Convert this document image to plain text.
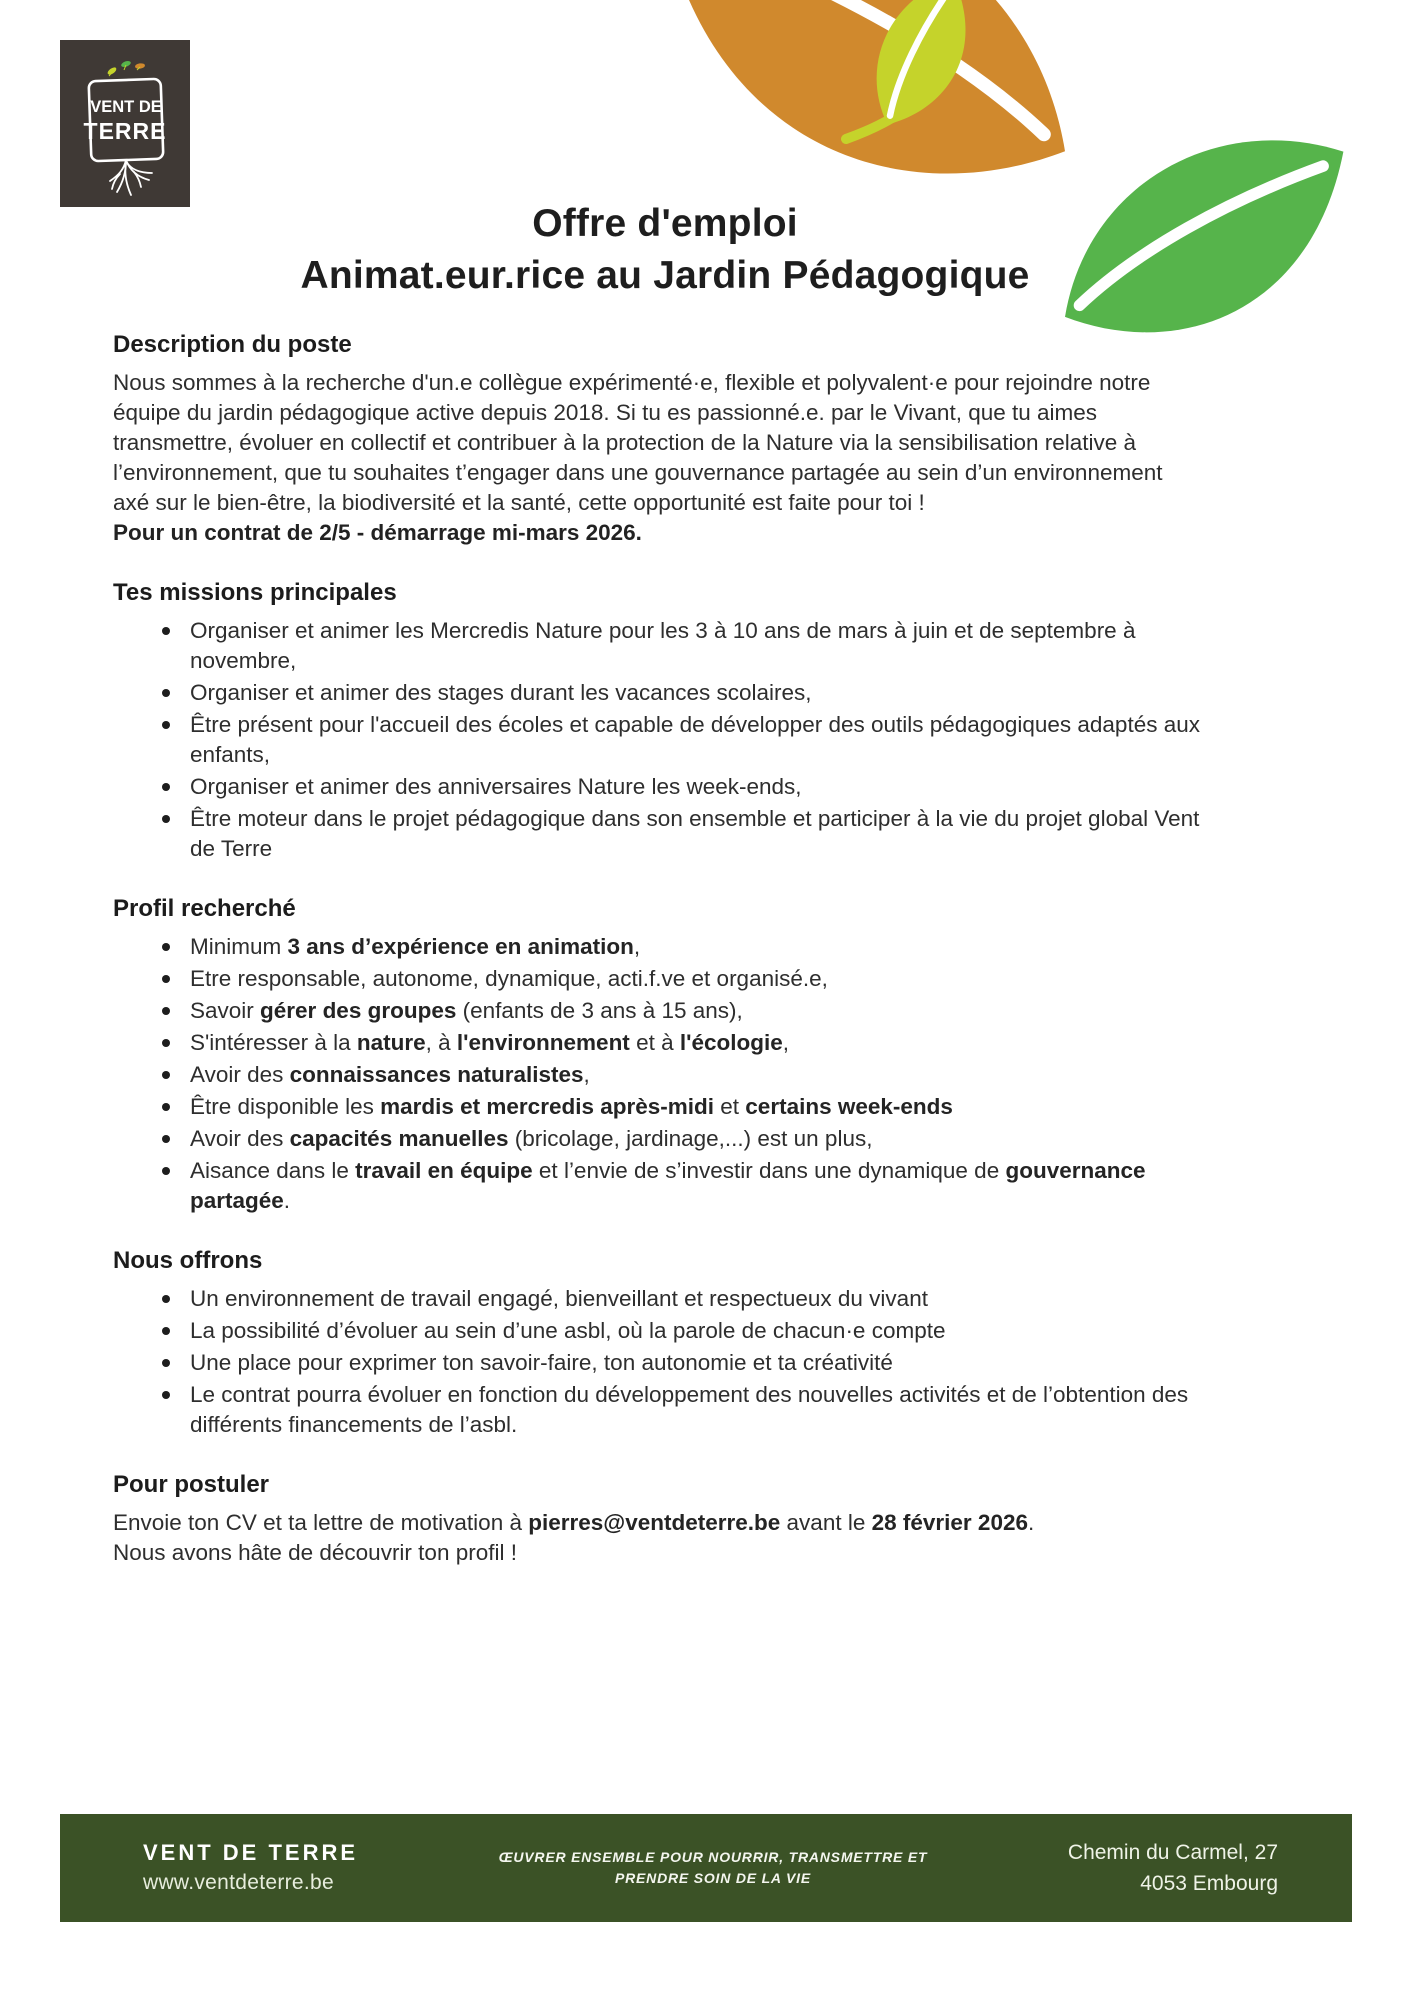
VENT DE
TERRE
Offre d'emploi
Animat.eur.rice au Jardin Pédagogique
Description du poste

Nous sommes à la recherche d'un.e collègue expérimenté·e, flexible et polyvalent·e pour rejoindre notre équipe du jardin pédagogique active depuis 2018. Si tu es passionné.e. par le Vivant, que tu aimes transmettre, évoluer en collectif et contribuer à la protection de la Nature via la sensibilisation relative à l’environnement, que tu souhaites t’engager dans une gouvernance partagée au sein d’un environnement axé sur le bien-être, la biodiversité et la santé, cette opportunité est faite pour toi !

Pour un contrat de 2/5 - démarrage mi-mars 2026.

Tes missions principales
Organiser et animer les Mercredis Nature pour les 3 à 10 ans de mars à juin et de septembre à novembre,
Organiser et animer des stages durant les vacances scolaires,
Être présent pour l'accueil des écoles et capable de développer des outils pédagogiques adaptés aux enfants,
Organiser et animer des anniversaires Nature les week-ends,
Être moteur dans le projet pédagogique dans son ensemble et participer à la vie du projet global Vent de Terre
Profil recherché
Minimum 3 ans d’expérience en animation,
Etre responsable, autonome, dynamique, acti.f.ve et organisé.e,
Savoir gérer des groupes (enfants de 3 ans à 15 ans),
S'intéresser à la nature, à l'environnement et à l'écologie,
Avoir des connaissances naturalistes,
Être disponible les mardis et mercredis après-midi et certains week-ends
Avoir des capacités manuelles (bricolage, jardinage,...) est un plus,
Aisance dans le travail en équipe et l’envie de s’investir dans une dynamique de gouvernance partagée.
Nous offrons
Un environnement de travail engagé, bienveillant et respectueux du vivant
La possibilité d’évoluer au sein d’une asbl, où la parole de chacun·e compte
Une place pour exprimer ton savoir-faire, ton autonomie et ta créativité
Le contrat pourra évoluer en fonction du développement des nouvelles activités et de l’obtention des différents financements de l’asbl.
Pour postuler

Envoie ton CV et ta lettre de motivation à pierres@ventdeterre.be avant le 28 février 2026.

Nous avons hâte de découvrir ton profil !

VENT DE TERRE
www.ventdeterre.be
ŒUVRER ENSEMBLE POUR NOURRIR, TRANSMETTRE ET
PRENDRE SOIN DE LA VIE
Chemin du Carmel, 27
4053 Embourg
